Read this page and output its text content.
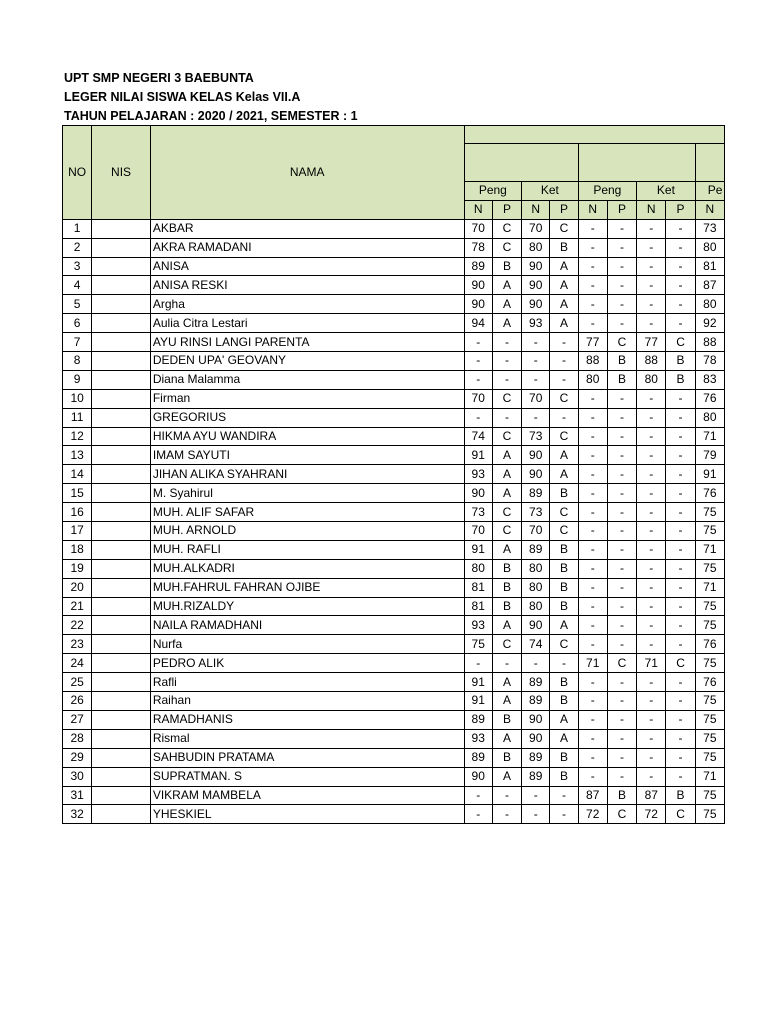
UPT SMP NEGERI 3 BAEBUNTA
LEGER NILAI SISWA KELAS Kelas VII.A
TAHUN PELAJARAN : 2020 / 2021, SEMESTER : 1
NO	NIS	NAMA									

			Peng		Ket		Peng		Ket		Pe
			N	P	N	P	N	P	N	P	N
1		AKBAR	70	C	70	C	-	-	-	-	73
2		AKRA RAMADANI	78	C	80	B	-	-	-	-	80
3		ANISA	89	B	90	A	-	-	-	-	81
4		ANISA RESKI	90	A	90	A	-	-	-	-	87
5		Argha	90	A	90	A	-	-	-	-	80
6		Aulia Citra Lestari	94	A	93	A	-	-	-	-	92
7		AYU RINSI LANGI PARENTA	-	-	-	-	77	C	77	C	88
8		DEDEN UPA' GEOVANY	-	-	-	-	88	B	88	B	78
9		Diana Malamma	-	-	-	-	80	B	80	B	83
10		Firman	70	C	70	C	-	-	-	-	76
11		GREGORIUS	-	-	-	-	-	-	-	-	80
12		HIKMA AYU WANDIRA	74	C	73	C	-	-	-	-	71
13		IMAM SAYUTI	91	A	90	A	-	-	-	-	79
14		JIHAN ALIKA SYAHRANI	93	A	90	A	-	-	-	-	91
15		M. Syahirul	90	A	89	B	-	-	-	-	76
16		MUH. ALIF SAFAR	73	C	73	C	-	-	-	-	75
17		MUH. ARNOLD	70	C	70	C	-	-	-	-	75
18		MUH. RAFLI	91	A	89	B	-	-	-	-	71
19		MUH.ALKADRI	80	B	80	B	-	-	-	-	75
20		MUH.FAHRUL FAHRAN OJIBE	81	B	80	B	-	-	-	-	71
21		MUH.RIZALDY	81	B	80	B	-	-	-	-	75
22		NAILA RAMADHANI	93	A	90	A	-	-	-	-	75
23		Nurfa	75	C	74	C	-	-	-	-	76
24		PEDRO ALIK	-	-	-	-	71	C	71	C	75
25		Rafli	91	A	89	B	-	-	-	-	76
26		Raihan	91	A	89	B	-	-	-	-	75
27		RAMADHANIS	89	B	90	A	-	-	-	-	75
28		Rismal	93	A	90	A	-	-	-	-	75
29		SAHBUDIN PRATAMA	89	B	89	B	-	-	-	-	75
30		SUPRATMAN. S	90	A	89	B	-	-	-	-	71
31		VIKRAM MAMBELA	-	-	-	-	87	B	87	B	75
32		YHESKIEL	-	-	-	-	72	C	72	C	75
